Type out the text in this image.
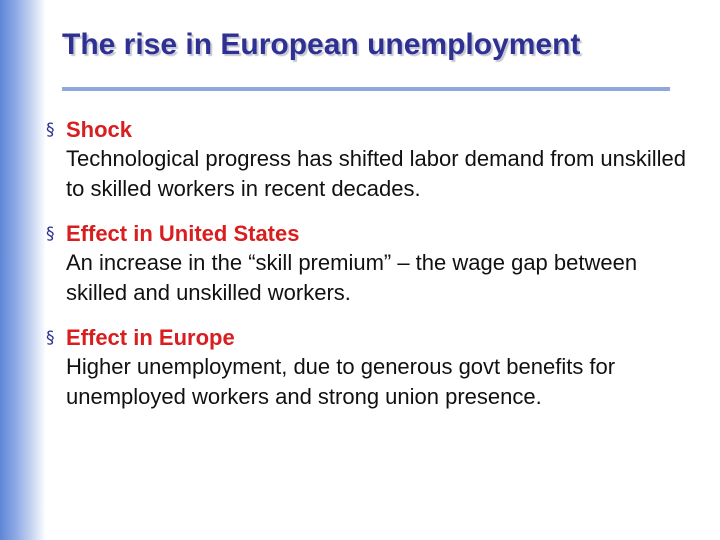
The rise in European unemployment
§ Shock
Technological progress has shifted labor demand from unskilled to skilled workers in recent decades.
§ Effect in United States
An increase in the “skill premium” – the wage gap between skilled and unskilled workers.
§ Effect in Europe
Higher unemployment, due to generous govt benefits for unemployed workers and strong union presence.
